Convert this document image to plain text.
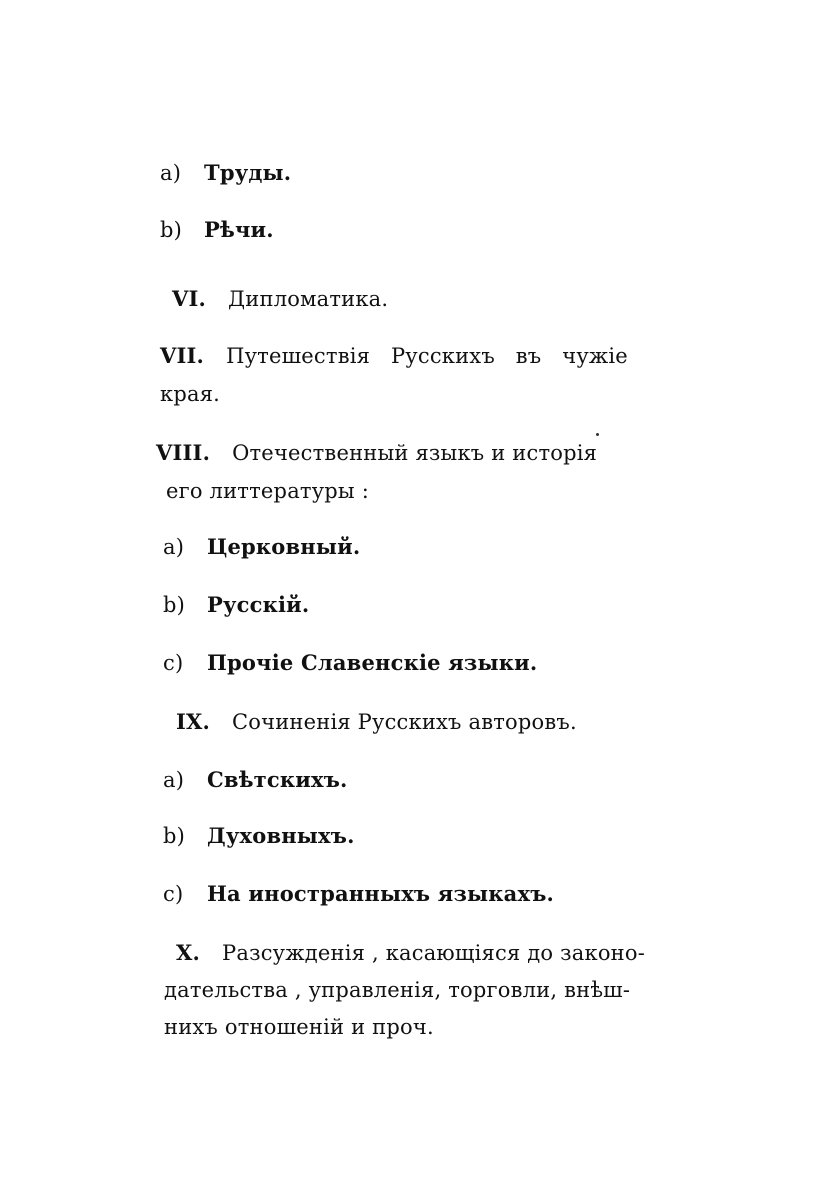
a) Труды.
b) Рѣчи.
VI. Дипломатика.
VII. Путешествія Русскихъ въ чужіе
края.
VIII. Отечественный языкъ и исторія
его литтературы :
a) Церковный.
b) Русскій.
c) Прочіе Славенскіе языки.
IX. Сочиненія Русскихъ авторовъ.
a) Свѣтскихъ.
b) Духовныхъ.
c) На иностранныхъ языкахъ.
X. Разсужденія , касающіяся до законо-
дательства , управленія, торговли, внѣш-
нихъ отношеній и проч.
